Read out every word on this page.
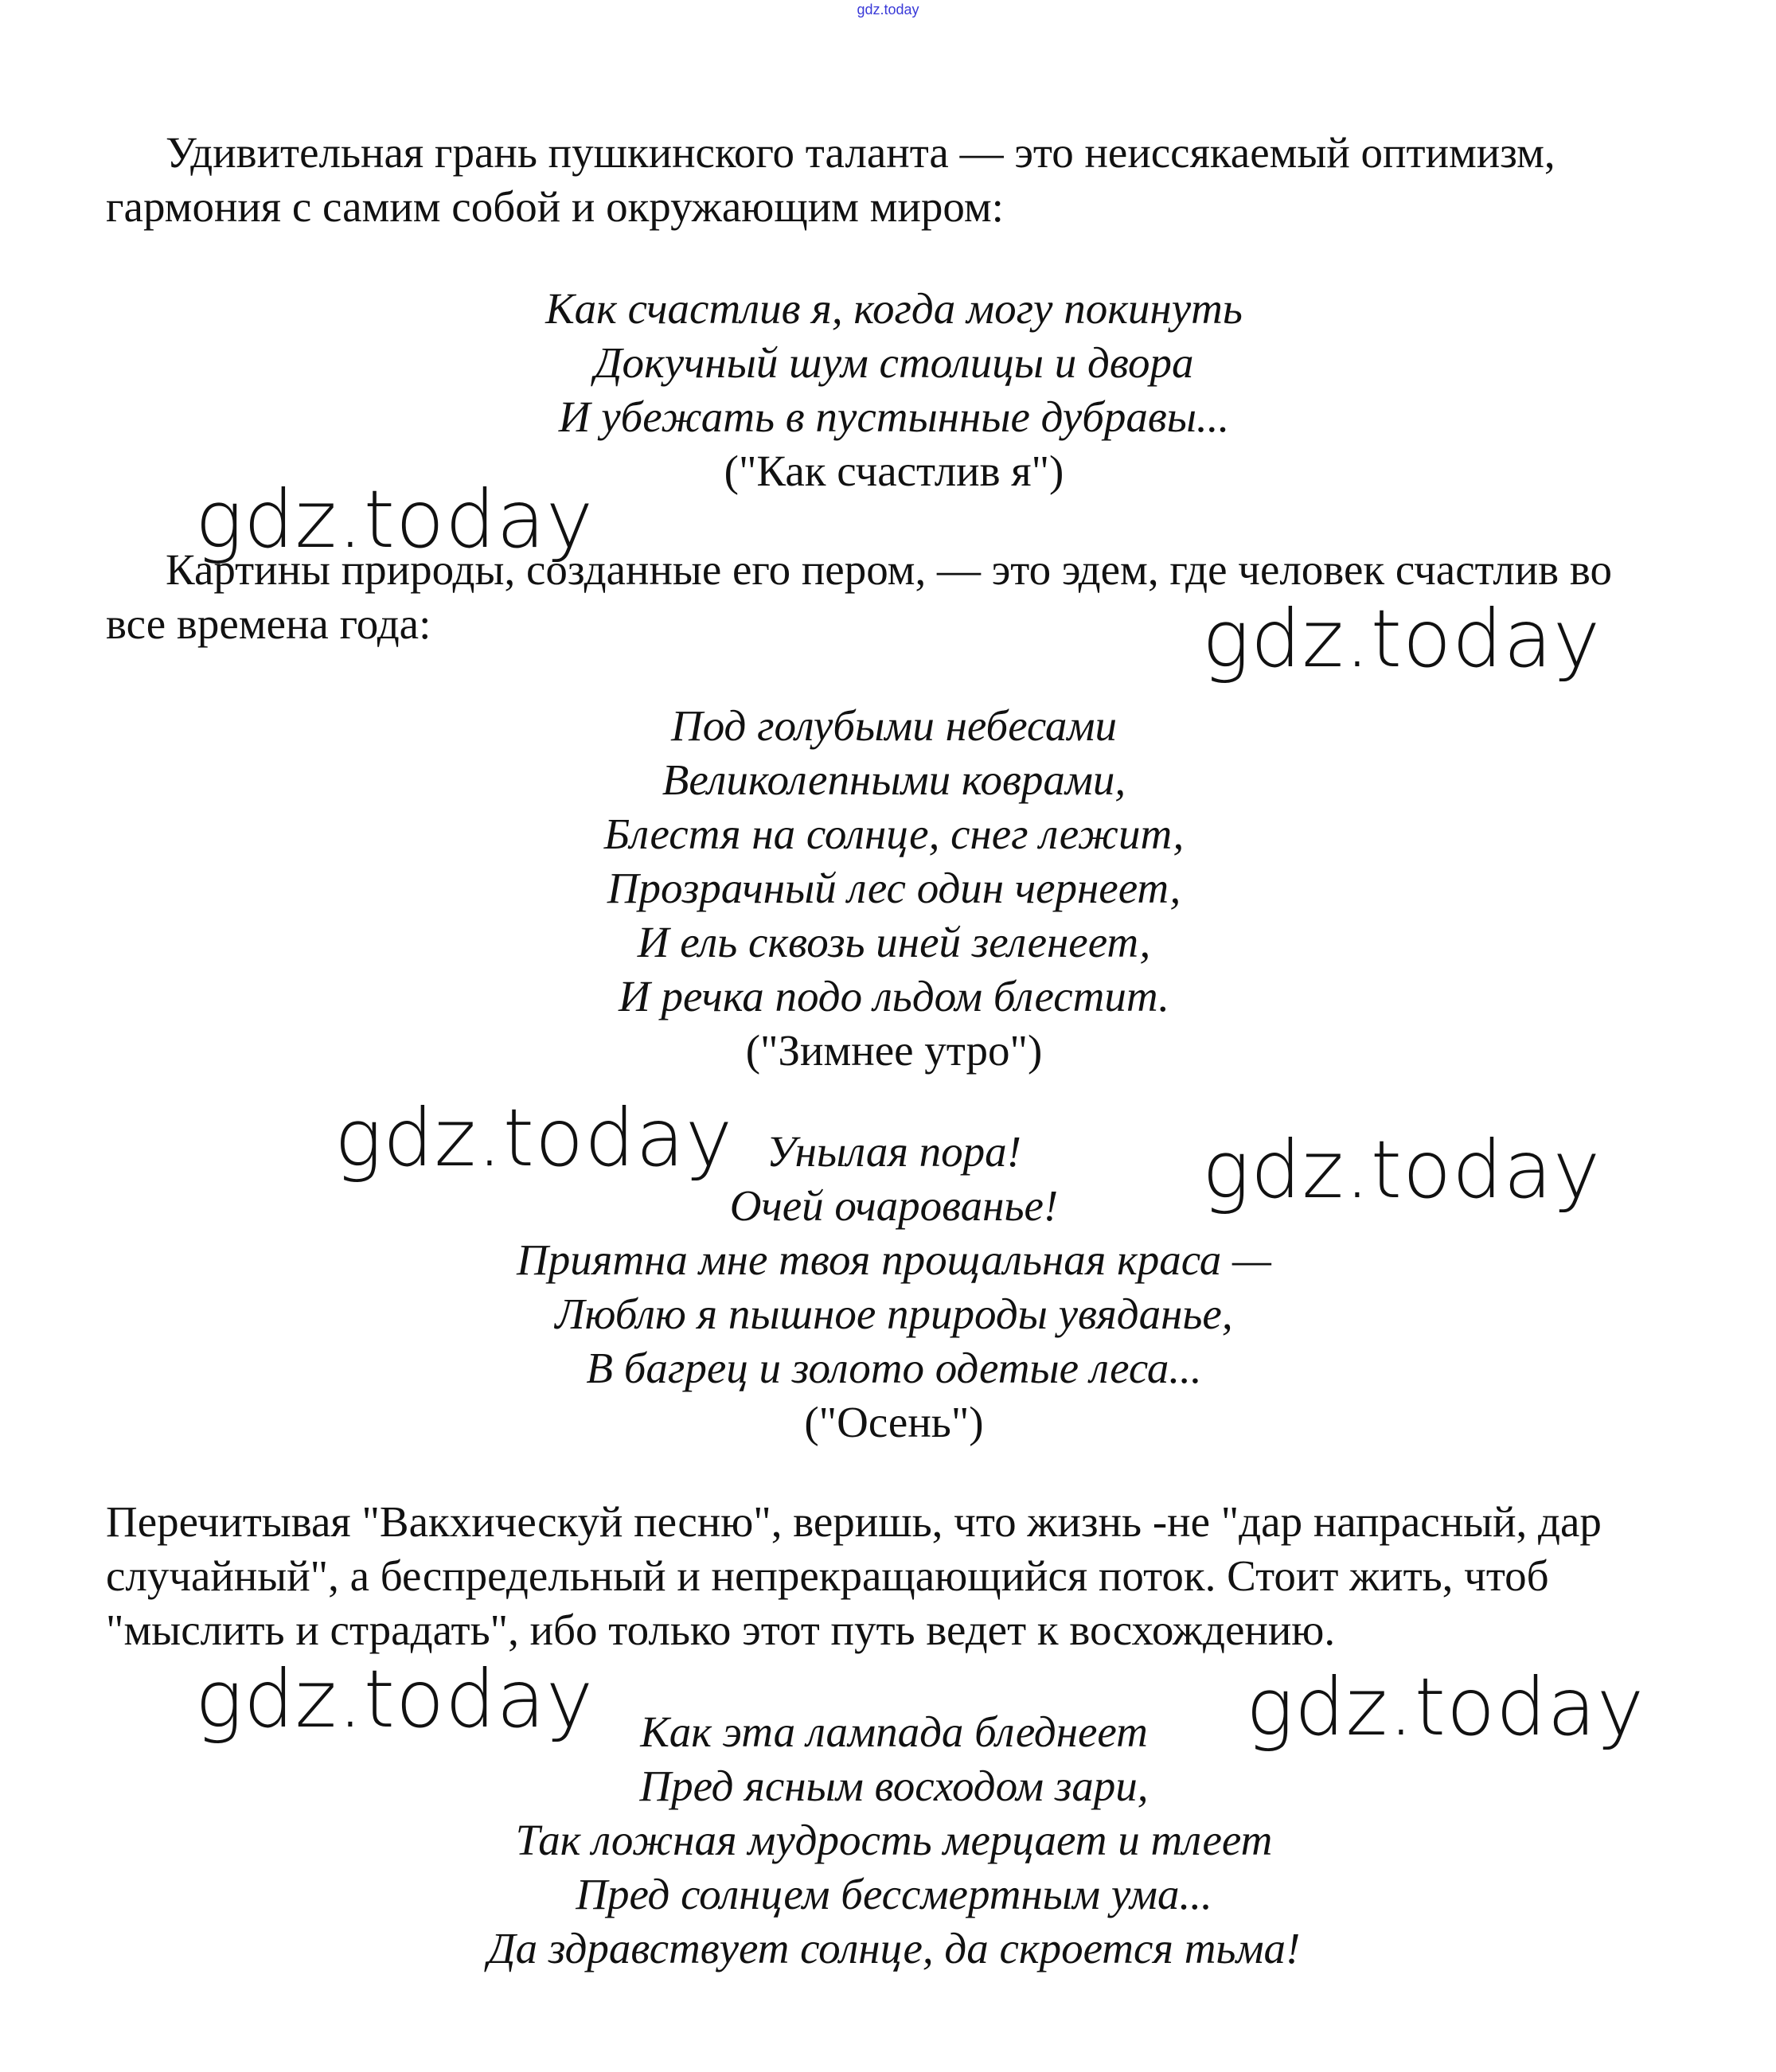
gdz.today

Удивительная грань пушкинского таланта — это неиссякаемый оптимизм, гармония с самим собой и окружающим миром:

Как счастлив я, когда могу покинуть
Докучный шум столицы и двора
И убежать в пустынные дубравы...
("Как счастлив я")

Картины природы, созданные его пером, — это эдем, где человек счастлив во все времена года:

Под голубыми небесами
Великолепными коврами,
Блестя на солнце, снег лежит,
Прозрачный лес один чернеет,
И ель сквозь иней зеленеет,
И речка подо льдом блестит.
("Зимнее утро")
Унылая пора!
Очей очарованье!
Приятна мне твоя прощальная краса —
Люблю я пышное природы увяданье,
В багрец и золото одетые леса...
("Осень")

Перечитывая "Вакхическуй песню", веришь, что жизнь -не "дар напрасный, дар случайный", а беспредельный и непрекращающийся поток. Стоит жить, чтоб "мыслить и страдать", ибо только этот путь ведет к восхождению.

Как эта лампада бледнеет
Пред ясным восходом зари,
Так ложная мудрость мерцает и тлеет
Пред солнцем бессмертным ума...
Да здравствует солнце, да скроется тьма!
gdz.today
gdz.today
gdz.today	gdz.today
gdz.today	gdz.today
